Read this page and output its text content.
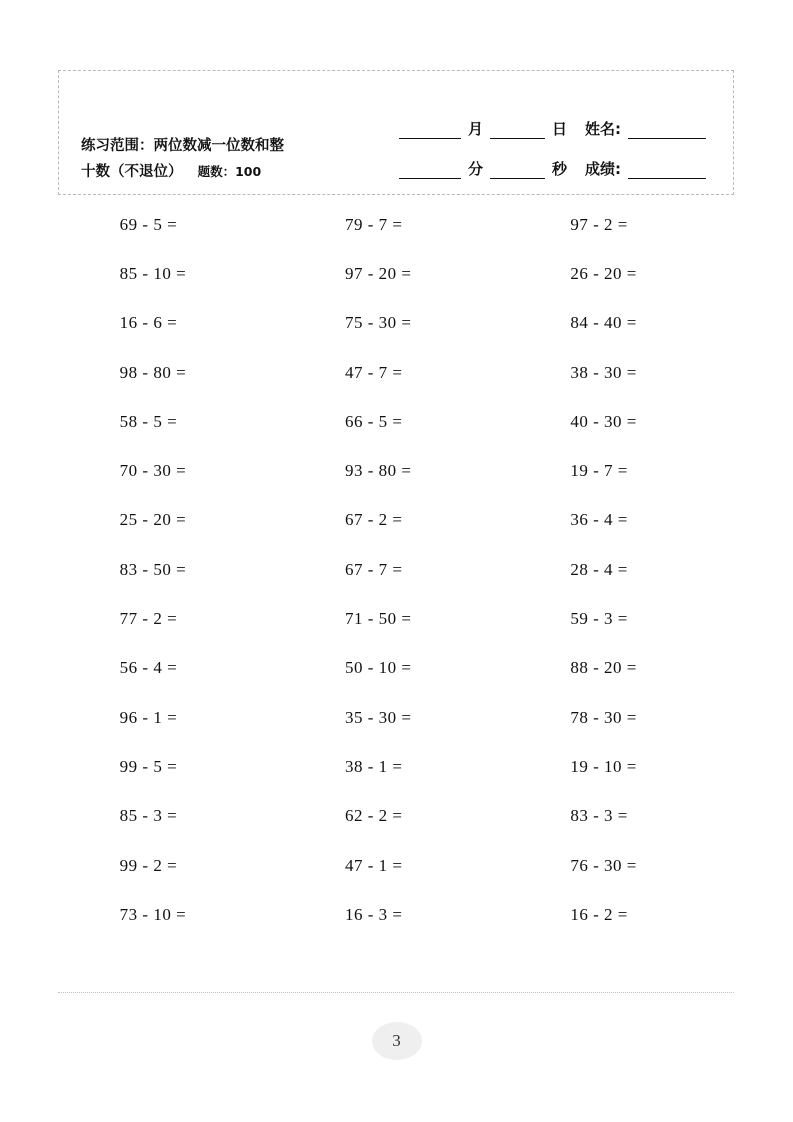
练习范围：两位数减一位数和整
十数（不退位） 题数：100
月	日 姓名:
分	秒 成绩:
69 - 5 =	79 - 7 =	97 - 2 =
85 - 10 =	97 - 20 =	26 - 20 =
16 - 6 =	75 - 30 =	84 - 40 =
98 - 80 =	47 - 7 =	38 - 30 =
58 - 5 =	66 - 5 =	40 - 30 =
70 - 30 =	93 - 80 =	19 - 7 =
25 - 20 =	67 - 2 =	36 - 4 =
83 - 50 =	67 - 7 =	28 - 4 =
77 - 2 =	71 - 50 =	59 - 3 =
56 - 4 =	50 - 10 =	88 - 20 =
96 - 1 =	35 - 30 =	78 - 30 =
99 - 5 =	38 - 1 =	19 - 10 =
85 - 3 =	62 - 2 =	83 - 3 =
99 - 2 =	47 - 1 =	76 - 30 =
73 - 10 =	16 - 3 =	16 - 2 =
3
